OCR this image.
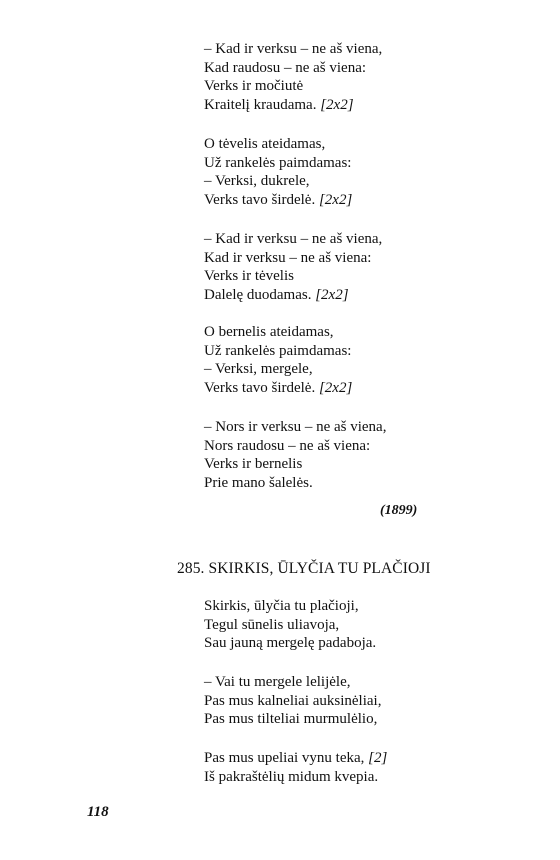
– Kad ir verksu – ne aš viena,
Kad raudosu – ne aš viena:
Verks ir močiutė
Kraitelį kraudama. [2x2]
O tėvelis ateidamas,
Už rankelės paimdamas:
– Verksi, dukrele,
Verks tavo širdelė. [2x2]
– Kad ir verksu – ne aš viena,
Kad ir verksu – ne aš viena:
Verks ir tėvelis
Dalelę duodamas. [2x2]
O bernelis ateidamas,
Už rankelės paimdamas:
– Verksi, mergele,
Verks tavo širdelė. [2x2]
– Nors ir verksu – ne aš viena,
Nors raudosu – ne aš viena:
Verks ir bernelis
Prie mano šalelės.
(1899)
285. SKIRKIS, ŪLYČIA TU PLAČIOJI
Skirkis, ūlyčia tu plačioji,
Tegul sūnelis uliavoja,
Sau jauną mergelę padaboja.
– Vai tu mergele lelijėle,
Pas mus kalneliai auksinėliai,
Pas mus tilteliai murmulėlio,
Pas mus upeliai vynu teka, [2]
Iš pakraštėlių midum kvepia.
118
